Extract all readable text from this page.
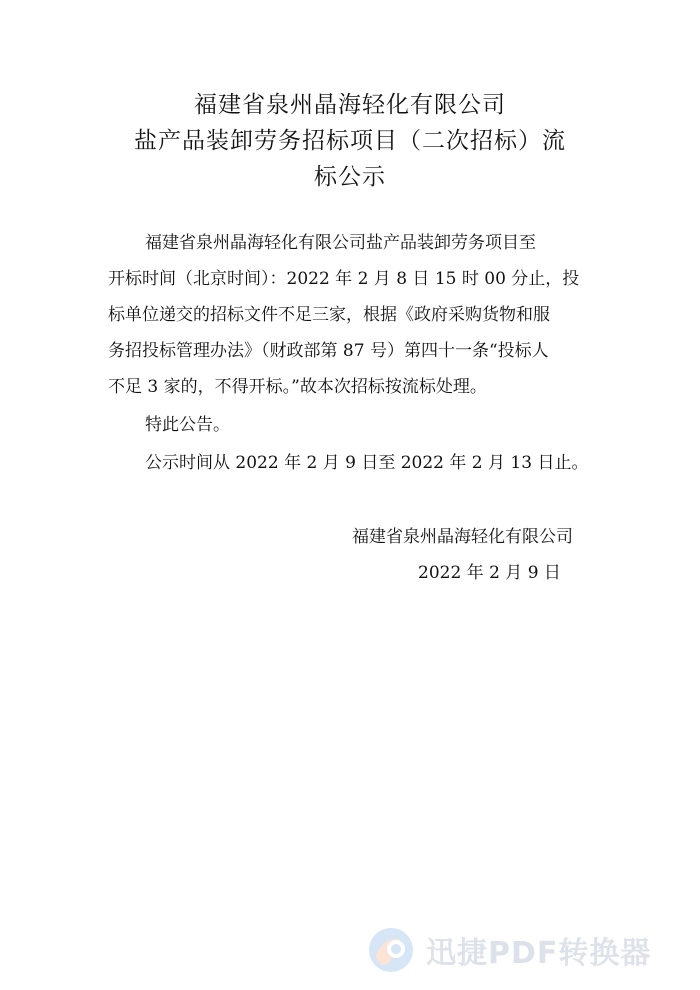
福建省泉州晶海轻化有限公司
盐产品装卸劳务招标项目（二次招标）流
标公示
福建省泉州晶海轻化有限公司盐产品装卸劳务项目至
开标时间（北京时间）：2022 年 2 月 8 日 15 时 00 分止，投
标单位递交的招标文件不足三家，根据《政府采购货物和服
务招投标管理办法》（财政部第 87 号）第四十一条“投标人
不足 3 家的，不得开标。”故本次招标按流标处理。
特此公告。
公示时间从 2022 年 2 月 9 日至 2022 年 2 月 13 日止。
福建省泉州晶海轻化有限公司
2022 年 2 月 9 日
迅捷PDF转换器
